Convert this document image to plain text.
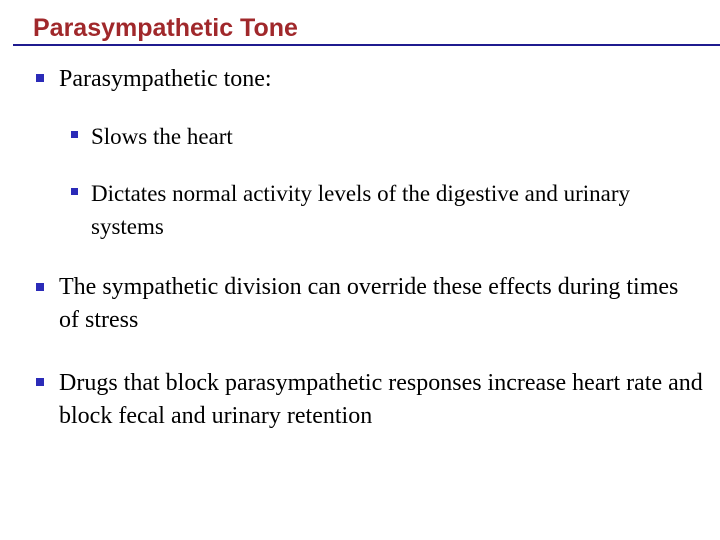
Parasympathetic Tone
Parasympathetic tone:
Slows the heart
Dictates normal activity levels of the digestive and urinary systems
The sympathetic division can override these effects during times of stress
Drugs that block parasympathetic responses increase heart rate and block fecal and urinary retention
